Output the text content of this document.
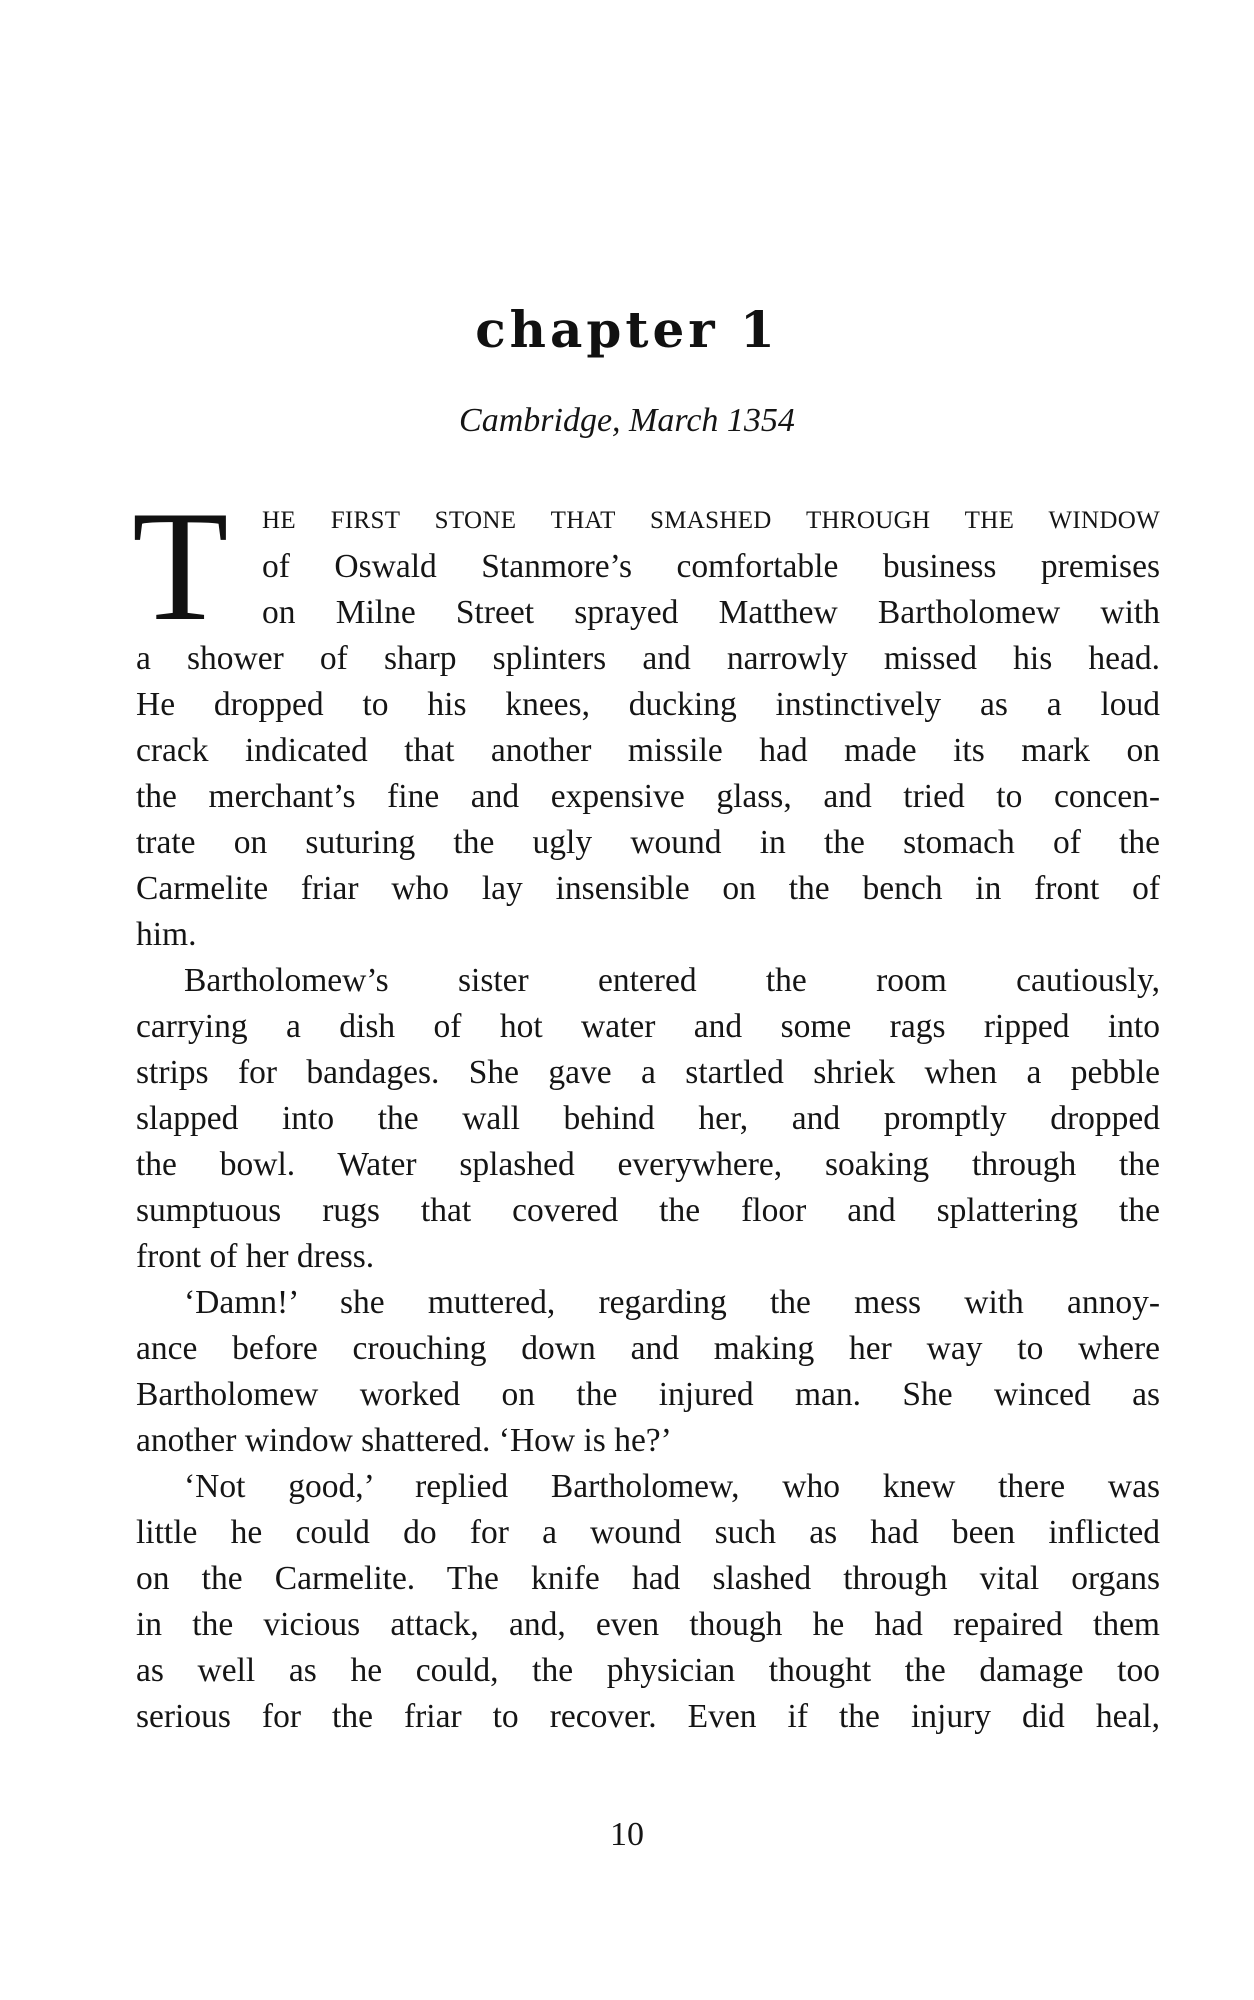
chapter 1
Cambridge, March 1354
T HE FIRST STONE THAT SMASHED THROUGH THE WINDOW
of Oswald Stanmore’s comfortable business premises
on Milne Street sprayed Matthew Bartholomew with
a shower of sharp splinters and narrowly missed his head.
He dropped to his knees, ducking instinctively as a loud
crack indicated that another missile had made its mark on
the merchant’s fine and expensive glass, and tried to concen-
trate on suturing the ugly wound in the stomach of the
Carmelite friar who lay insensible on the bench in front of
him.
Bartholomew’s sister entered the room cautiously,
carrying a dish of hot water and some rags ripped into
strips for bandages. She gave a startled shriek when a pebble
slapped into the wall behind her, and promptly dropped
the bowl. Water splashed everywhere, soaking through the
sumptuous rugs that covered the floor and splattering the
front of her dress.
‘Damn!’ she muttered, regarding the mess with annoy-
ance before crouching down and making her way to where
Bartholomew worked on the injured man. She winced as
another window shattered. ‘How is he?’
‘Not good,’ replied Bartholomew, who knew there was
little he could do for a wound such as had been inflicted
on the Carmelite. The knife had slashed through vital organs
in the vicious attack, and, even though he had repaired them
as well as he could, the physician thought the damage too
serious for the friar to recover. Even if the injury did heal,
10
